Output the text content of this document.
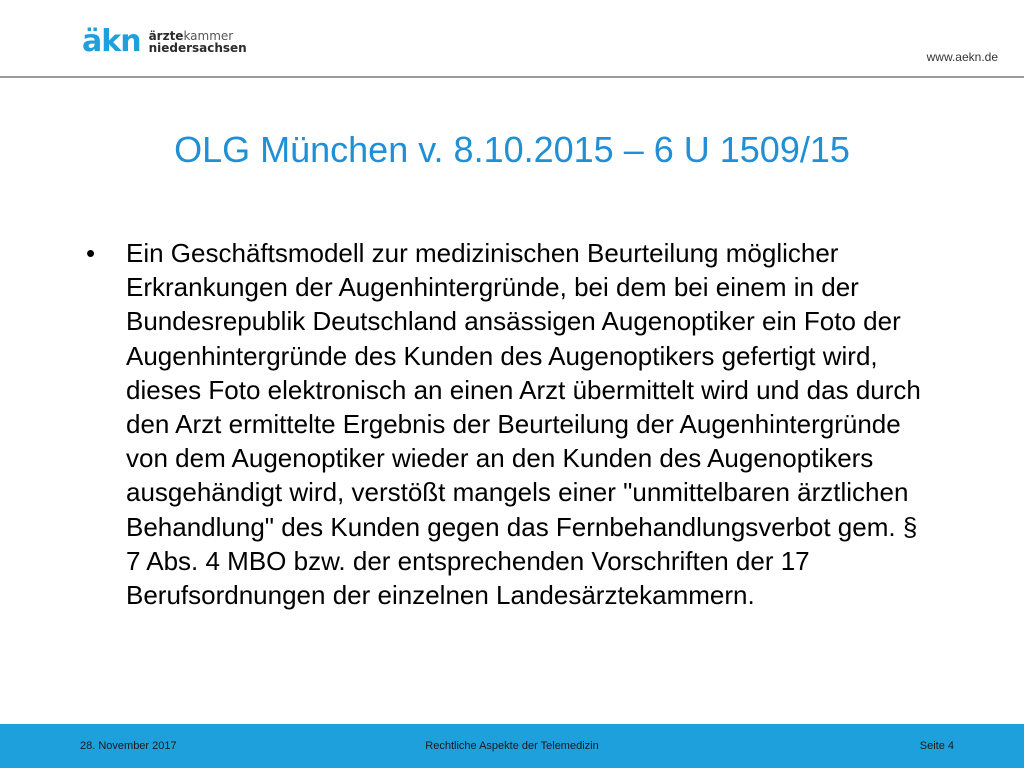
äkn ärztekammer
niedersachsen
www.aekn.de
OLG München v. 8.10.2015 – 6 U 1509/15
•	Ein Geschäftsmodell zur medizinischen Beurteilung möglicher Erkrankungen der Augenhintergründe, bei dem bei einem in der Bundesrepublik Deutschland ansässigen Augenoptiker ein Foto der Augenhintergründe des Kunden des Augenoptikers gefertigt wird, dieses Foto elektronisch an einen Arzt übermittelt wird und das durch den Arzt ermittelte Ergebnis der Beurteilung der Augenhintergründe von dem Augenoptiker wieder an den Kunden des Augenoptikers ausgehändigt wird, verstößt mangels einer "unmittelbaren ärztlichen Behandlung" des Kunden gegen das Fernbehandlungsverbot gem. § 7 Abs. 4 MBO bzw. der entsprechenden Vorschriften der 17 Berufsordnungen der einzelnen Landesärztekammern.
28. November 2017	Rechtliche Aspekte der Telemedizin	Seite 4
